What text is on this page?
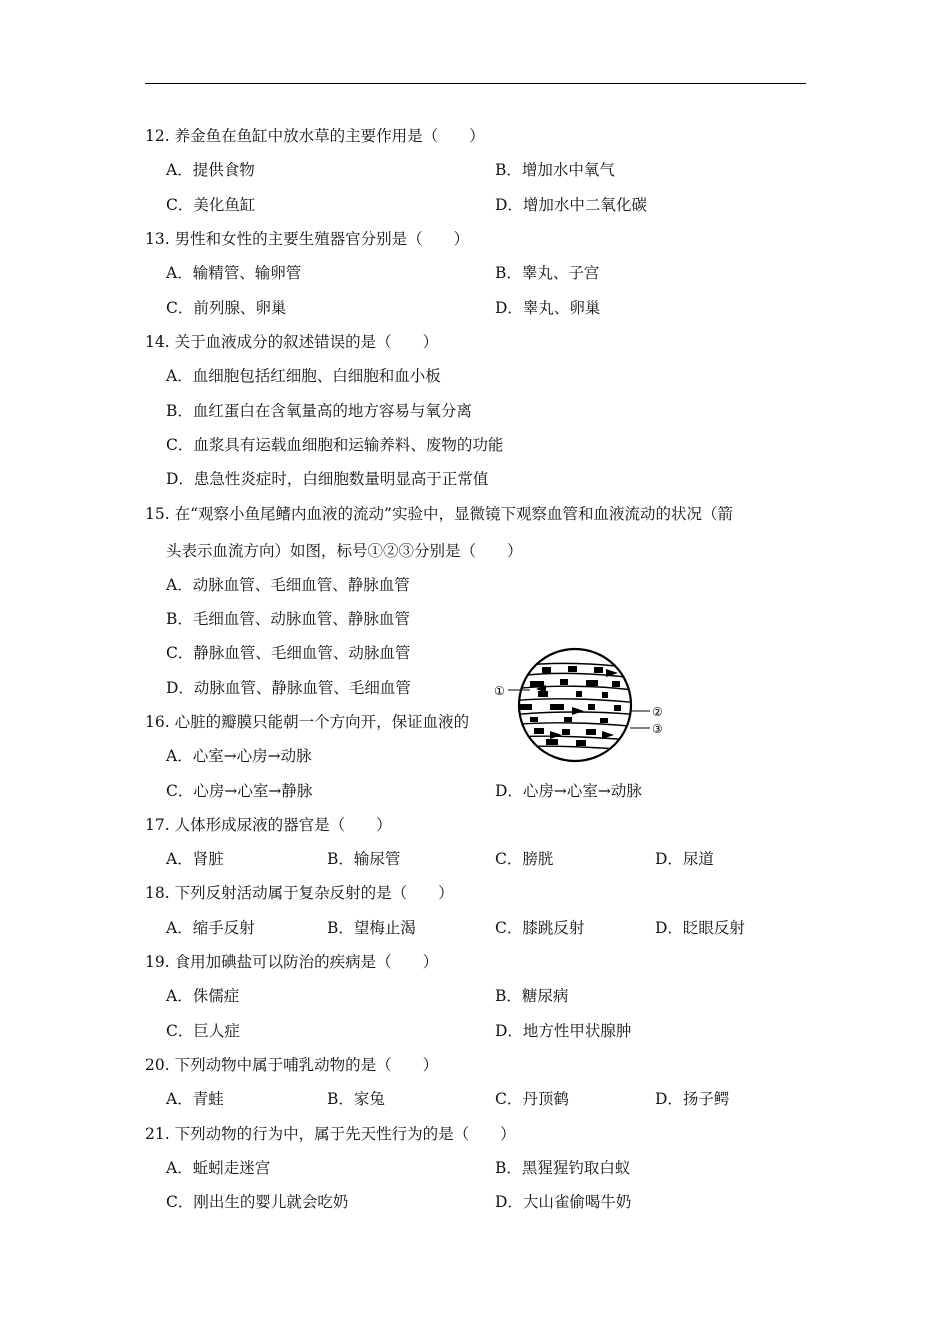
12. 养金鱼在鱼缸中放水草的主要作用是（　　）
A．提供食物	B．增加水中氧气
C．美化鱼缸	D．增加水中二氧化碳
13. 男性和女性的主要生殖器官分别是（　　）
A．输精管、输卵管	B．睾丸、子宫
C．前列腺、卵巢	D．睾丸、卵巢
14. 关于血液成分的叙述错误的是（　　）
A．血细胞包括红细胞、白细胞和血小板
B．血红蛋白在含氧量高的地方容易与氧分离
C．血浆具有运载血细胞和运输养料、废物的功能
D．患急性炎症时，白细胞数量明显高于正常值
15. 在“观察小鱼尾鳍内血液的流动”实验中，显微镜下观察血管和血液流动的状况（箭
头表示血流方向）如图，标号①②③分别是（　　）
A．动脉血管、毛细血管、静脉血管
B．毛细血管、动脉血管、静脉血管
C．静脉血管、毛细血管、动脉血管
D．动脉血管、静脉血管、毛细血管
16. 心脏的瓣膜只能朝一个方向开，保证血液的
A．心室→心房→动脉
C．心房→心室→静脉	D．心房→心室→动脉
①
②
③
17. 人体形成尿液的器官是（　　）
A．肾脏	B．输尿管	C．膀胱	D．尿道
18. 下列反射活动属于复杂反射的是（　　）
A．缩手反射	B．望梅止渴	C．膝跳反射	D．眨眼反射
19. 食用加碘盐可以防治的疾病是（　　）
A．侏儒症	B．糖尿病
C．巨人症	D．地方性甲状腺肿
20. 下列动物中属于哺乳动物的是（　　）
A．青蛙	B．家兔	C．丹顶鹤	D．扬子鳄
21. 下列动物的行为中，属于先天性行为的是（　　）
A．蚯蚓走迷宫	B．黑猩猩钓取白蚁
C．刚出生的婴儿就会吃奶	D．大山雀偷喝牛奶
